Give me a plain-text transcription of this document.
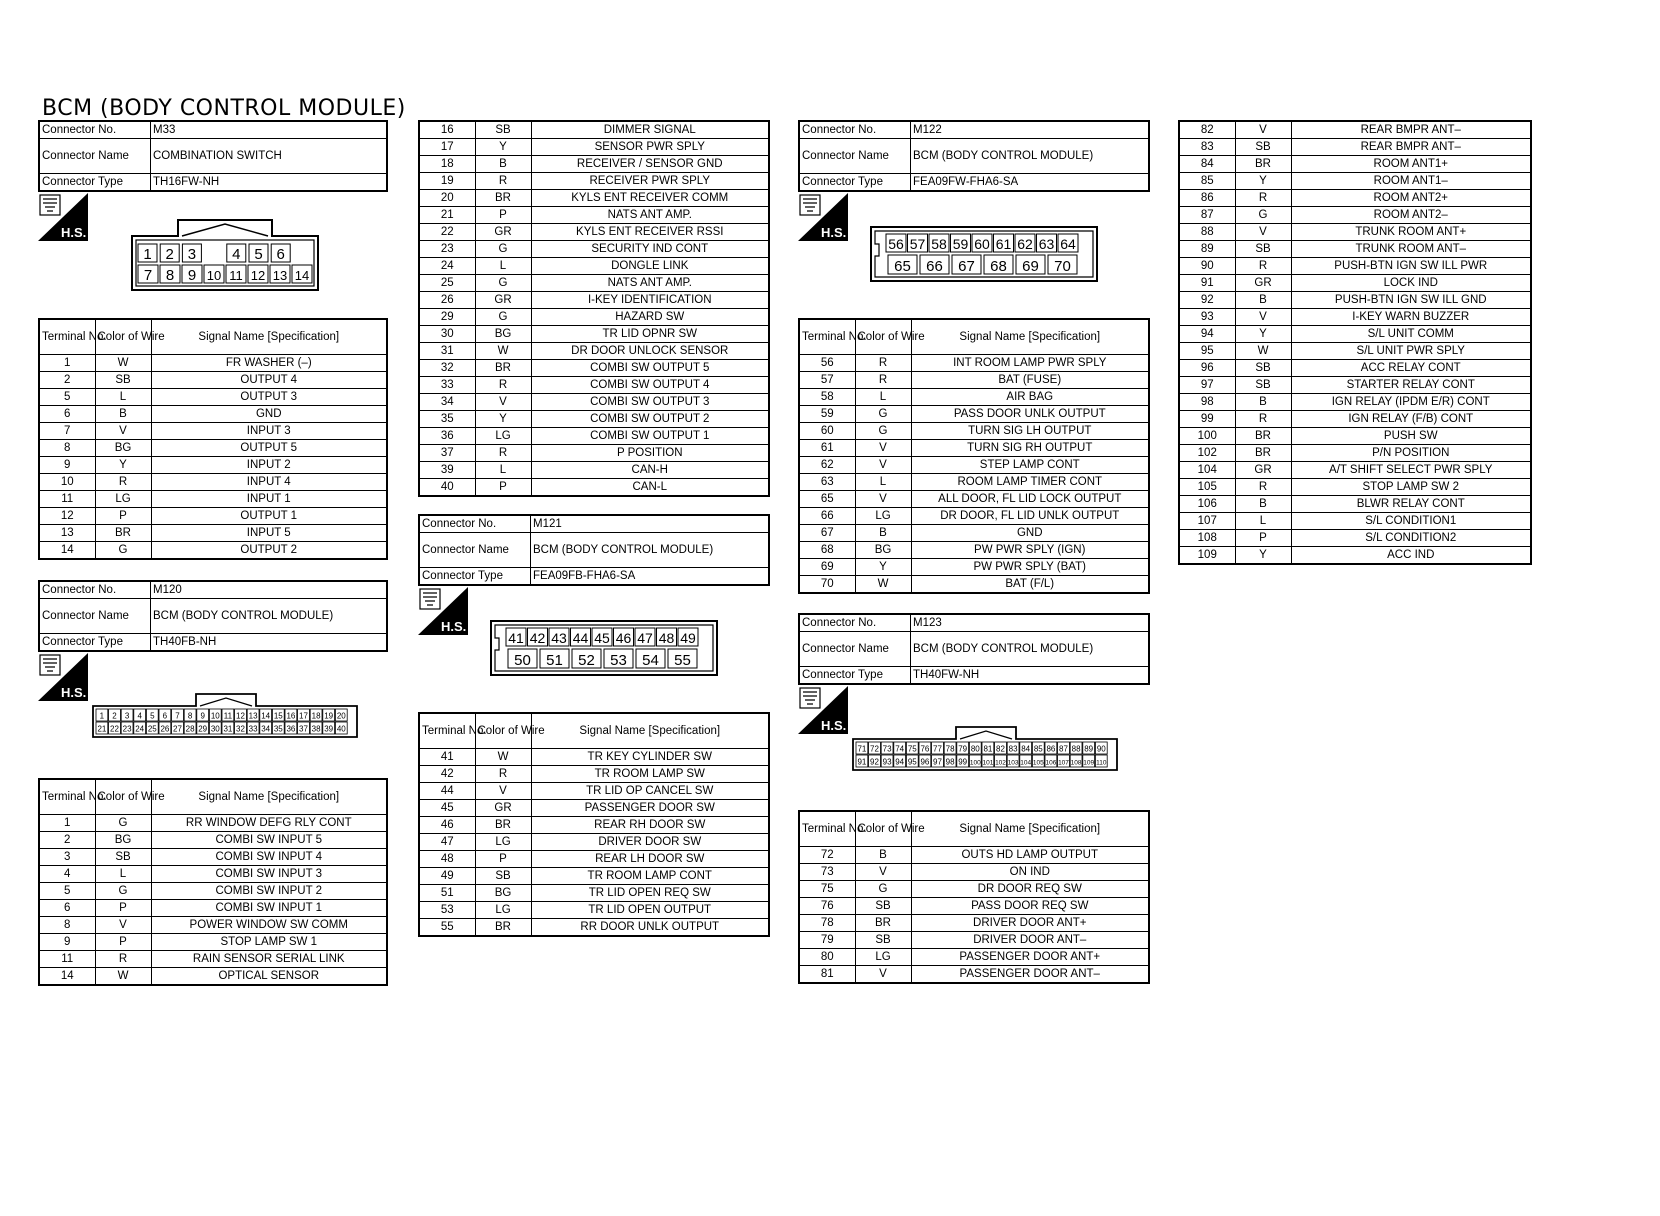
BCM (BODY CONTROL MODULE)
Connector No.	M33
Connector Name	COMBINATION SWITCH
Connector Type	TH16FW-NH
H.S.
1 2 3 4 5 6
7 8 9 10 11 12 13 14
Terminal No.	Color of Wire	Signal Name [Specification]
1	W	FR WASHER (–)
2	SB	OUTPUT 4
5	L	OUTPUT 3
6	B	GND
7	V	INPUT 3
8	BG	OUTPUT 5
9	Y	INPUT 2
10	R	INPUT 4
11	LG	INPUT 1
12	P	OUTPUT 1
13	BR	INPUT 5
14	G	OUTPUT 2
Connector No.	M120
Connector Name	BCM (BODY CONTROL MODULE)
Connector Type	TH40FB-NH
H.S.
1 2 3 4 5 6 7 8 9 10 11 12 13 14 15 16 17 18 19 20
21 22 23 24 25 26 27 28 29 30 31 32 33 34 35 36 37 38 39 40
Terminal No.	Color of Wire	Signal Name [Specification]
1	G	RR WINDOW DEFG RLY CONT
2	BG	COMBI SW INPUT 5
3	SB	COMBI SW INPUT 4
4	L	COMBI SW INPUT 3
5	G	COMBI SW INPUT 2
6	P	COMBI SW INPUT 1
8	V	POWER WINDOW SW COMM
9	P	STOP LAMP SW 1
11	R	RAIN SENSOR SERIAL LINK
14	W	OPTICAL SENSOR
16	SB	DIMMER SIGNAL
17	Y	SENSOR PWR SPLY
18	B	RECEIVER / SENSOR GND
19	R	RECEIVER PWR SPLY
20	BR	KYLS ENT RECEIVER COMM
21	P	NATS ANT AMP.
22	GR	KYLS ENT RECEIVER RSSI
23	G	SECURITY IND CONT
24	L	DONGLE LINK
25	G	NATS ANT AMP.
26	GR	I-KEY IDENTIFICATION
29	G	HAZARD SW
30	BG	TR LID OPNR SW
31	W	DR DOOR UNLOCK SENSOR
32	BR	COMBI SW OUTPUT 5
33	R	COMBI SW OUTPUT 4
34	V	COMBI SW OUTPUT 3
35	Y	COMBI SW OUTPUT 2
36	LG	COMBI SW OUTPUT 1
37	R	P POSITION
39	L	CAN-H
40	P	CAN-L
Connector No.	M121
Connector Name	BCM (BODY CONTROL MODULE)
Connector Type	FEA09FB-FHA6-SA
H.S.
41 42 43 44 45 46 47 48 49
50 51 52 53 54 55
Terminal No.	Color of Wire	Signal Name [Specification]
41	W	TR KEY CYLINDER SW
42	R	TR ROOM LAMP SW
44	V	TR LID OP CANCEL SW
45	GR	PASSENGER DOOR SW
46	BR	REAR RH DOOR SW
47	LG	DRIVER DOOR SW
48	P	REAR LH DOOR SW
49	SB	TR ROOM LAMP CONT
51	BG	TR LID OPEN REQ SW
53	LG	TR LID OPEN OUTPUT
55	BR	RR DOOR UNLK OUTPUT
Connector No.	M122
Connector Name	BCM (BODY CONTROL MODULE)
Connector Type	FEA09FW-FHA6-SA
H.S.
56 57 58 59 60 61 62 63 64
65 66 67 68 69 70
Terminal No.	Color of Wire	Signal Name [Specification]
56	R	INT ROOM LAMP PWR SPLY
57	R	BAT (FUSE)
58	L	AIR BAG
59	G	PASS DOOR UNLK OUTPUT
60	G	TURN SIG LH OUTPUT
61	V	TURN SIG RH OUTPUT
62	V	STEP LAMP CONT
63	L	ROOM LAMP TIMER CONT
65	V	ALL DOOR, FL LID LOCK OUTPUT
66	LG	DR DOOR, FL LID UNLK OUTPUT
67	B	GND
68	BG	PW PWR SPLY (IGN)
69	Y	PW PWR SPLY (BAT)
70	W	BAT (F/L)
Connector No.	M123
Connector Name	BCM (BODY CONTROL MODULE)
Connector Type	TH40FW-NH
H.S.
71 72 73 74 75 76 77 78 79 80 81 82 83 84 85 86 87 88 89 90
91 92 93 94 95 96 97 98 99 100 101 102 103 104 105 106 107 108 109 110
Terminal No.	Color of Wire	Signal Name [Specification]
72	B	OUTS HD LAMP OUTPUT
73	V	ON IND
75	G	DR DOOR REQ SW
76	SB	PASS DOOR REQ SW
78	BR	DRIVER DOOR ANT+
79	SB	DRIVER DOOR ANT–
80	LG	PASSENGER DOOR ANT+
81	V	PASSENGER DOOR ANT–
82	V	REAR BMPR ANT–
83	SB	REAR BMPR ANT–
84	BR	ROOM ANT1+
85	Y	ROOM ANT1–
86	R	ROOM ANT2+
87	G	ROOM ANT2–
88	V	TRUNK ROOM ANT+
89	SB	TRUNK ROOM ANT–
90	R	PUSH-BTN IGN SW ILL PWR
91	GR	LOCK IND
92	B	PUSH-BTN IGN SW ILL GND
93	V	I-KEY WARN BUZZER
94	Y	S/L UNIT COMM
95	W	S/L UNIT PWR SPLY
96	SB	ACC RELAY CONT
97	SB	STARTER RELAY CONT
98	B	IGN RELAY (IPDM E/R) CONT
99	R	IGN RELAY (F/B) CONT
100	BR	PUSH SW
102	BR	P/N POSITION
104	GR	A/T SHIFT SELECT PWR SPLY
105	R	STOP LAMP SW 2
106	B	BLWR RELAY CONT
107	L	S/L CONDITION1
108	P	S/L CONDITION2
109	Y	ACC IND
